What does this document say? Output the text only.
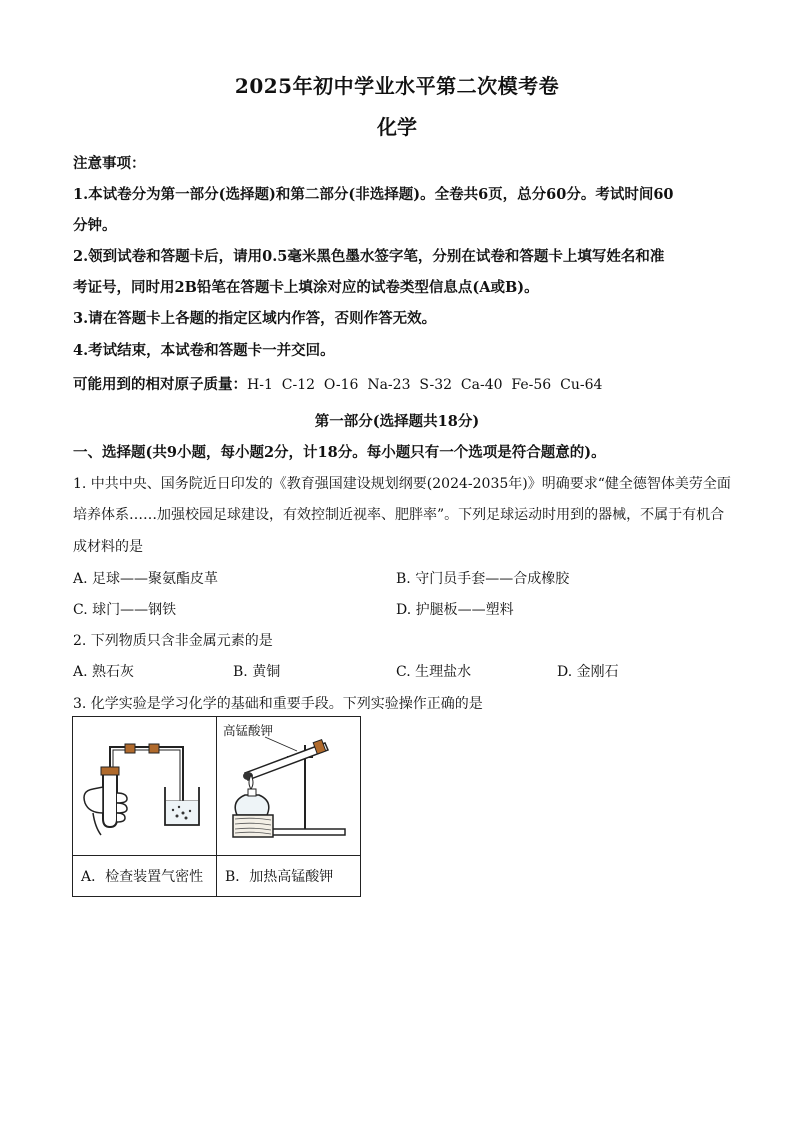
2025年初中学业水平第二次模考卷
化学
注意事项：
1.本试卷分为第一部分(选择题)和第二部分(非选择题)。全卷共6页，总分60分。考试时间60
分钟。
2.领到试卷和答题卡后，请用0.5毫米黑色墨水签字笔，分别在试卷和答题卡上填写姓名和准
考证号，同时用2B铅笔在答题卡上填涂对应的试卷类型信息点(A或B)。
3.请在答题卡上各题的指定区域内作答，否则作答无效。
4.考试结束，本试卷和答题卡一并交回。
可能用到的相对原子质量：H-1  C-12  O-16  Na-23  S-32  Ca-40  Fe-56  Cu-64
第一部分(选择题共18分)
一、选择题(共9小题，每小题2分，计18分。每小题只有一个选项是符合题意的)。
1. 中共中央、国务院近日印发的《教育强国建设规划纲要(2024-2035年)》明确要求“健全德智体美劳全面
培养体系……加强校园足球建设，有效控制近视率、肥胖率”。下列足球运动时用到的器械，不属于有机合
成材料的是
A. 足球——聚氨酯皮革	B. 守门员手套——合成橡胶
C. 球门——钢铁	D. 护腿板——塑料
2. 下列物质只含非金属元素的是
A. 熟石灰	B. 黄铜	C. 生理盐水	D. 金刚石
3. 化学实验是学习化学的基础和重要手段。下列实验操作正确的是

高锰酸钾

A．检查装置气密性	B．加热高锰酸钾
